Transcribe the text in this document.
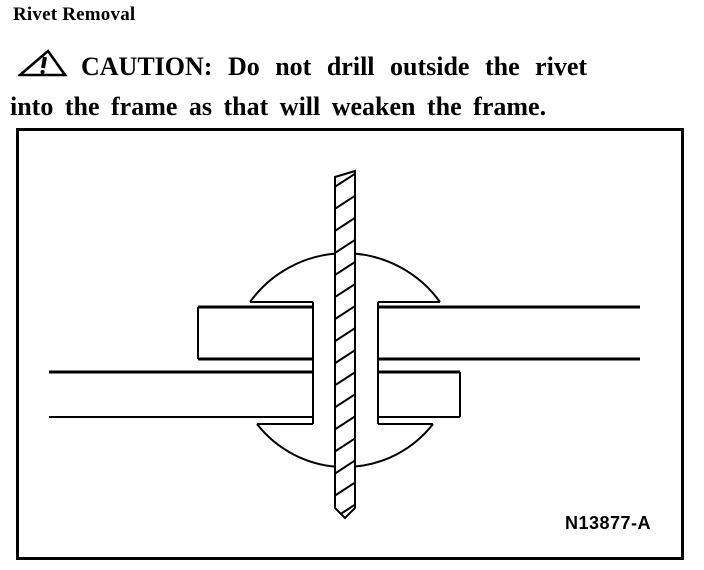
Rivet Removal
CAUTION: Do not drill outside the rivet
into the frame as that will weaken the frame.
N13877-A
